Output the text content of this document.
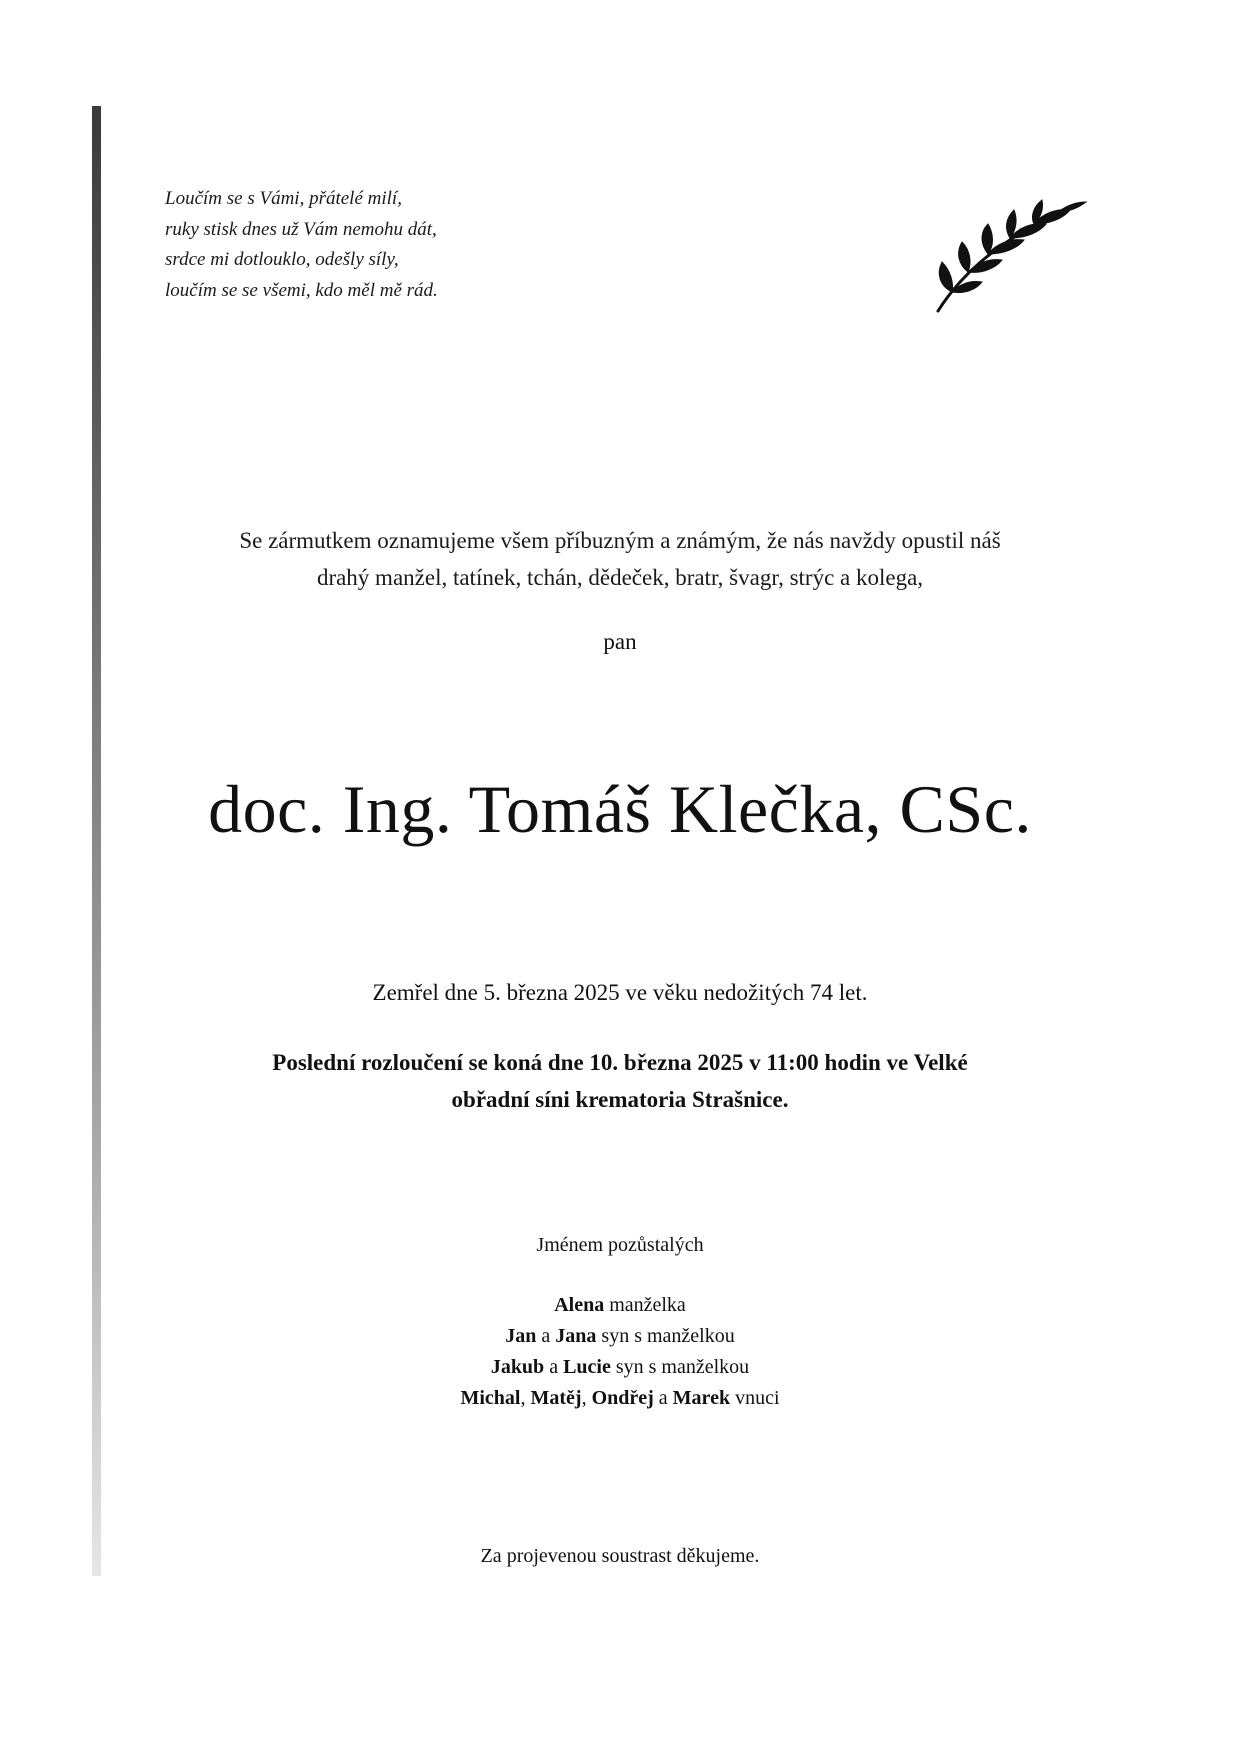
Loučím se s Vámi, přátelé milí,
ruky stisk dnes už Vám nemohu dát,
srdce mi dotlouklo, odešly síly,
loučím se se všemi, kdo měl mě rád.
Se zármutkem oznamujeme všem příbuzným a známým, že nás navždy opustil náš
drahý manžel, tatínek, tchán, dědeček, bratr, švagr, strýc a kolega,
pan
doc. Ing. Tomáš Klečka, CSc.
Zemřel dne 5. března 2025 ve věku nedožitých 74 let.
Poslední rozloučení se koná dne 10. března 2025 v 11:00 hodin ve Velké
obřadní síni krematoria Strašnice.
Jménem pozůstalých
Alena manželka
Jan a Jana syn s manželkou
Jakub a Lucie syn s manželkou
Michal, Matěj, Ondřej a Marek vnuci
Za projevenou soustrast děkujeme.
